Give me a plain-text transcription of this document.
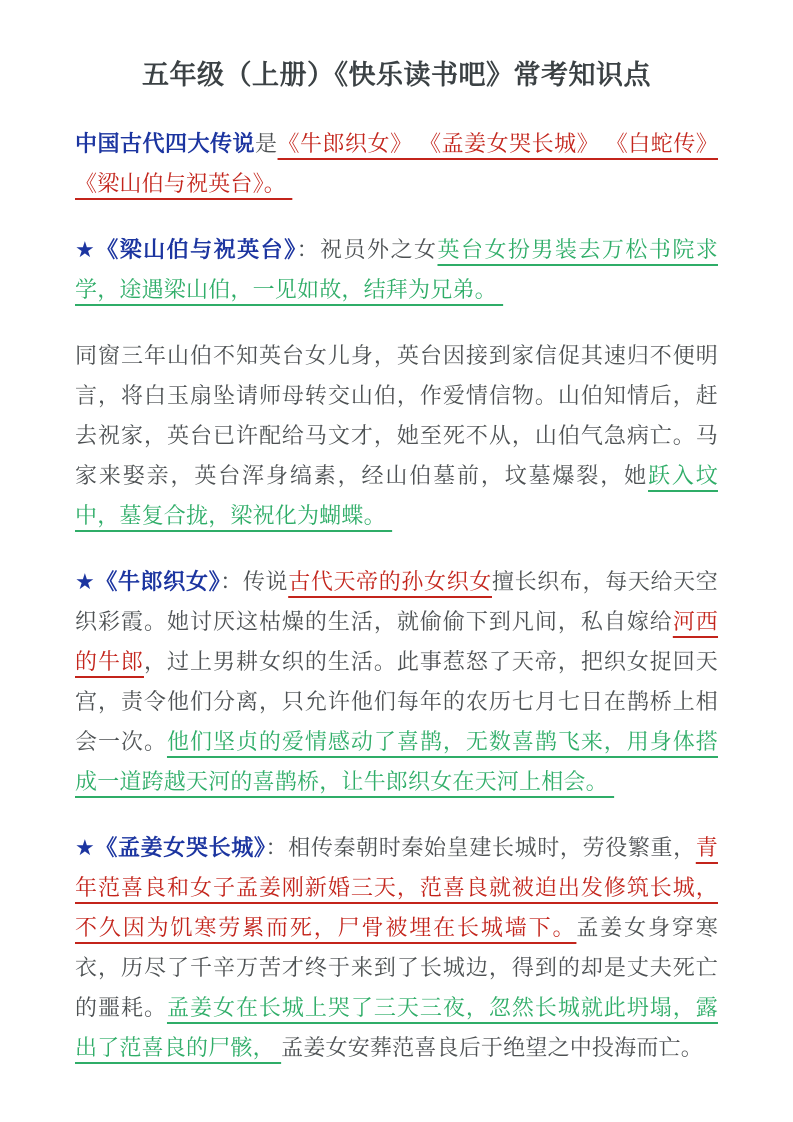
五年级（上册）《快乐读书吧》常考知识点

中国古代四大传说是《牛郎织女》 《孟姜女哭长城》 《白蛇传》《梁山伯与祝英台》。

★《梁山伯与祝英台》：祝员外之女英台女扮男装去万松书院求学，途遇梁山伯，一见如故，结拜为兄弟。

同窗三年山伯不知英台女儿身，英台因接到家信促其速归不便明言，将白玉扇坠请师母转交山伯，作爱情信物。山伯知情后，赶去祝家，英台已许配给马文才，她至死不从，山伯气急病亡。马家来娶亲，英台浑身缟素，经山伯墓前，坟墓爆裂，她跃入坟中，墓复合拢，梁祝化为蝴蝶。

★《牛郎织女》：传说古代天帝的孙女织女擅长织布，每天给天空织彩霞。她讨厌这枯燥的生活，就偷偷下到凡间，私自嫁给河西的牛郎，过上男耕女织的生活。此事惹怒了天帝，把织女捉回天宫，责令他们分离，只允许他们每年的农历七月七日在鹊桥上相会一次。他们坚贞的爱情感动了喜鹊，无数喜鹊飞来，用身体搭成一道跨越天河的喜鹊桥，让牛郎织女在天河上相会。

★《孟姜女哭长城》：相传秦朝时秦始皇建长城时，劳役繁重，青年范喜良和女子孟姜刚新婚三天，范喜良就被迫出发修筑长城，不久因为饥寒劳累而死，尸骨被埋在长城墙下。孟姜女身穿寒衣，历尽了千辛万苦才终于来到了长城边，得到的却是丈夫死亡的噩耗。孟姜女在长城上哭了三天三夜，忽然长城就此坍塌，露出了范喜良的尸骸， 孟姜女安葬范喜良后于绝望之中投海而亡。
